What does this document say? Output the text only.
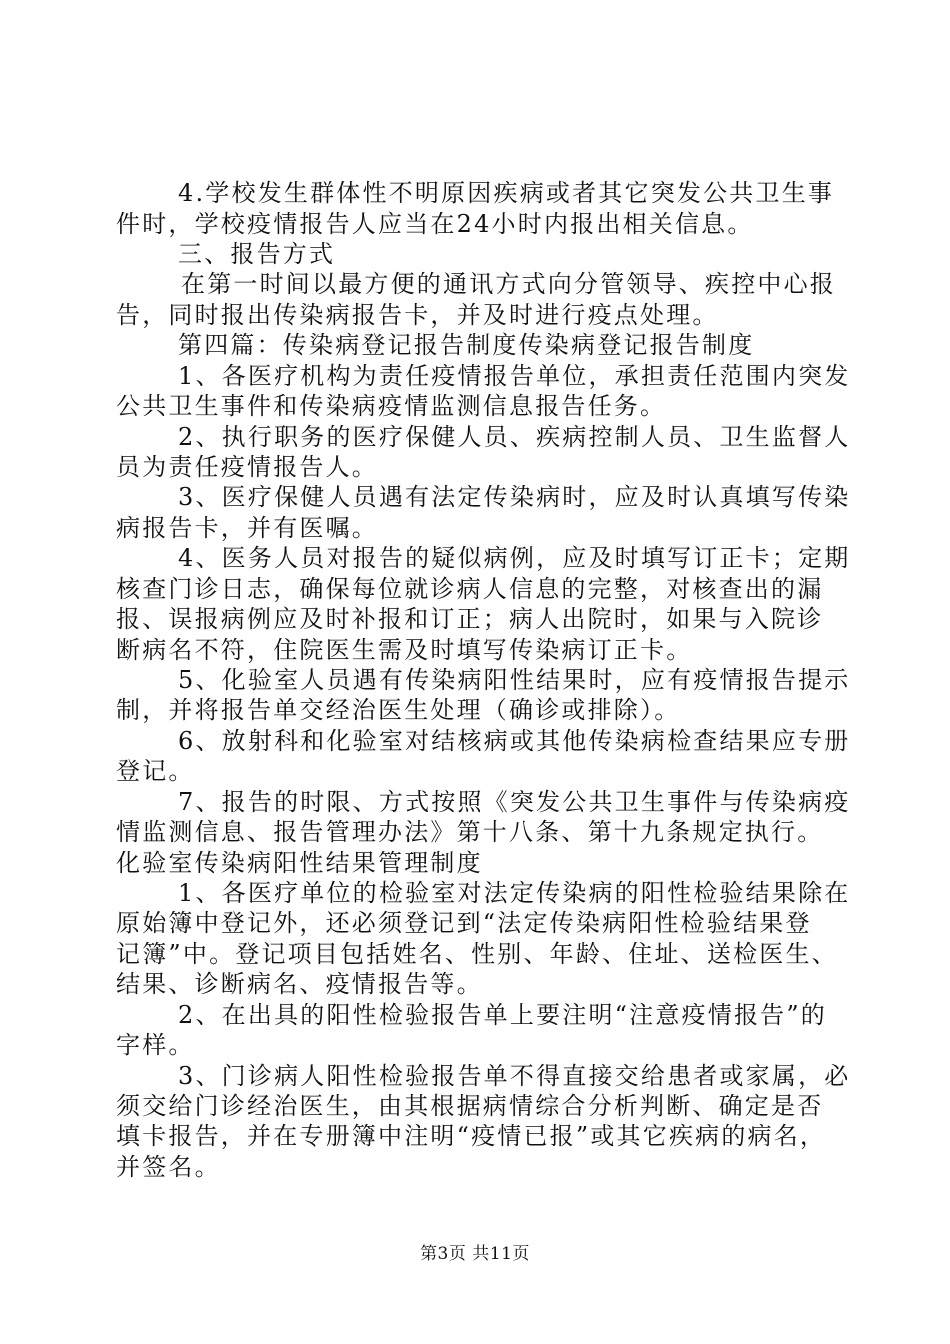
4.学校发生群体性不明原因疾病或者其它突发公共卫生事
件时，学校疫情报告人应当在24小时内报出相关信息。
三、报告方式
在第一时间以最方便的通讯方式向分管领导、疾控中心报
告，同时报出传染病报告卡，并及时进行疫点处理。
第四篇：传染病登记报告制度传染病登记报告制度
1、各医疗机构为责任疫情报告单位，承担责任范围内突发
公共卫生事件和传染病疫情监测信息报告任务。
2、执行职务的医疗保健人员、疾病控制人员、卫生监督人
员为责任疫情报告人。
3、医疗保健人员遇有法定传染病时，应及时认真填写传染
病报告卡，并有医嘱。
4、医务人员对报告的疑似病例，应及时填写订正卡；定期
核查门诊日志，确保每位就诊病人信息的完整，对核查出的漏
报、误报病例应及时补报和订正；病人出院时，如果与入院诊
断病名不符，住院医生需及时填写传染病订正卡。
5、化验室人员遇有传染病阳性结果时，应有疫情报告提示
制，并将报告单交经治医生处理（确诊或排除）。
6、放射科和化验室对结核病或其他传染病检查结果应专册
登记。
7、报告的时限、方式按照《突发公共卫生事件与传染病疫
情监测信息、报告管理办法》第十八条、第十九条规定执行。
化验室传染病阳性结果管理制度
1、各医疗单位的检验室对法定传染病的阳性检验结果除在
原始簿中登记外，还必须登记到“法定传染病阳性检验结果登
记簿”中。登记项目包括姓名、性别、年龄、住址、送检医生、
结果、诊断病名、疫情报告等。
2、在出具的阳性检验报告单上要注明“注意疫情报告”的
字样。
3、门诊病人阳性检验报告单不得直接交给患者或家属，必
须交给门诊经治医生，由其根据病情综合分析判断、确定是否
填卡报告，并在专册簿中注明“疫情已报”或其它疾病的病名，
并签名。
第3页 共11页
